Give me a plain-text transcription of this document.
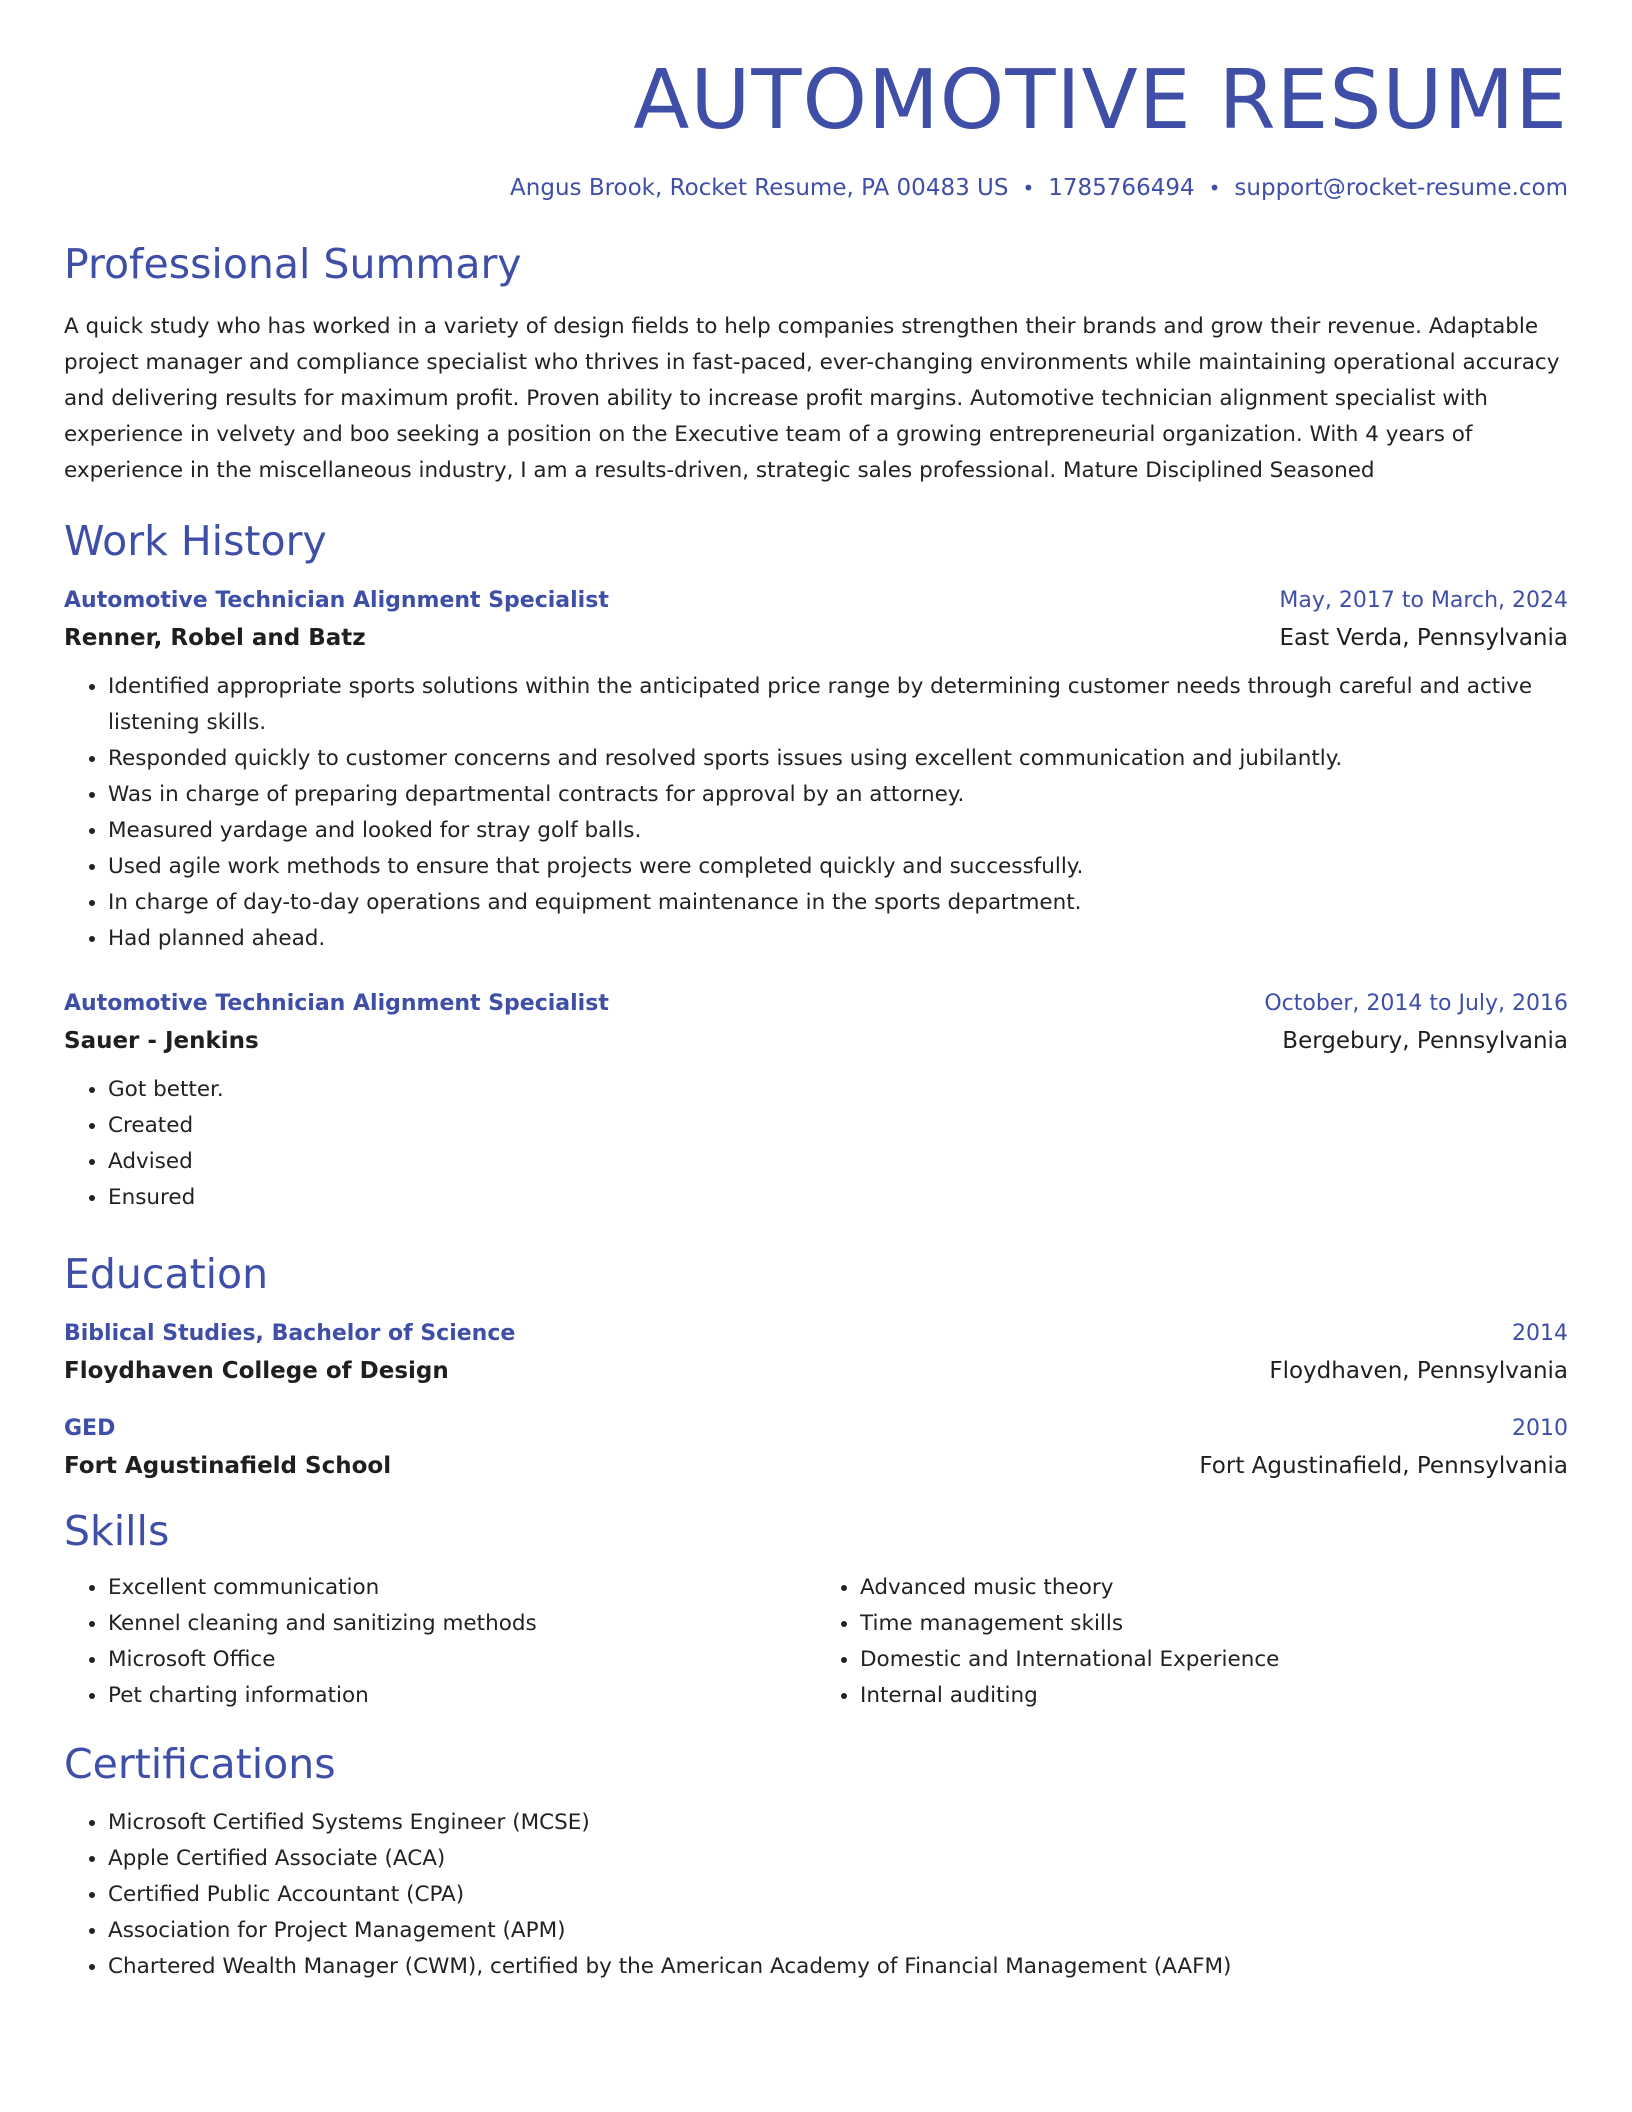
AUTOMOTIVE RESUME
Angus Brook, Rocket Resume, PA 00483 US • 1785766494 • support@rocket-resume.com
Professional Summary
A quick study who has worked in a variety of design fields to help companies strengthen their brands and grow their revenue. Adaptable project manager and compliance specialist who thrives in fast-paced, ever-changing environments while maintaining operational accuracy and delivering results for maximum profit. Proven ability to increase profit margins. Automotive technician alignment specialist with experience in velvety and boo seeking a position on the Executive team of a growing entrepreneurial organization. With 4 years of experience in the miscellaneous industry, I am a results-driven, strategic sales professional. Mature Disciplined Seasoned
Work History
Automotive Technician Alignment Specialist	May, 2017 to March, 2024
Renner, Robel and Batz	East Verda, Pennsylvania
• Identified appropriate sports solutions within the anticipated price range by determining customer needs through careful and active listening skills.
• Responded quickly to customer concerns and resolved sports issues using excellent communication and jubilantly.
• Was in charge of preparing departmental contracts for approval by an attorney.
• Measured yardage and looked for stray golf balls.
• Used agile work methods to ensure that projects were completed quickly and successfully.
• In charge of day-to-day operations and equipment maintenance in the sports department.
• Had planned ahead.
Automotive Technician Alignment Specialist	October, 2014 to July, 2016
Sauer - Jenkins	Bergebury, Pennsylvania
• Got better.
• Created
• Advised
• Ensured
Education
Biblical Studies, Bachelor of Science	2014
Floydhaven College of Design	Floydhaven, Pennsylvania
GED	2010
Fort Agustinafield School	Fort Agustinafield, Pennsylvania
Skills
• Excellent communication
• Kennel cleaning and sanitizing methods
• Microsoft Office
• Pet charting information
• Advanced music theory
• Time management skills
• Domestic and International Experience
• Internal auditing
Certifications
• Microsoft Certified Systems Engineer (MCSE)
• Apple Certified Associate (ACA)
• Certified Public Accountant (CPA)
• Association for Project Management (APM)
• Chartered Wealth Manager (CWM), certified by the American Academy of Financial Management (AAFM)
